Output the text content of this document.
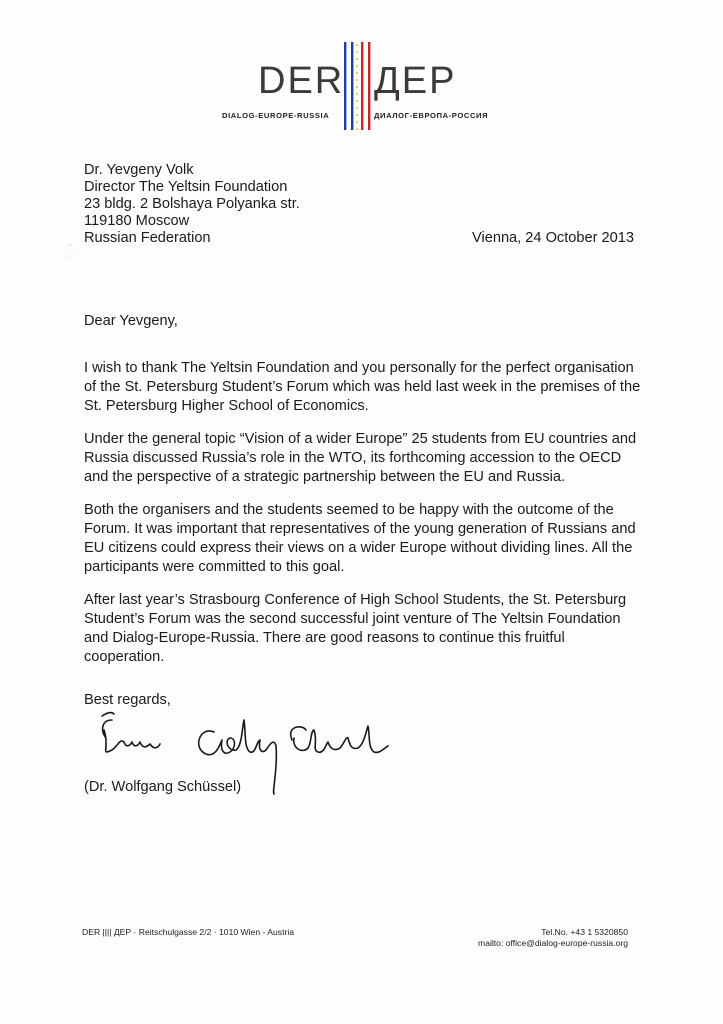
DER ДЕР
DIALOG-EUROPE-RUSSIA	ДИАЛОГ-ЕВРОПА-РОССИЯ
Dr. Yevgeny Volk
Director The Yeltsin Foundation
23 bldg. 2 Bolshaya Polyanka str.
119180 Moscow
Russian Federation	Vienna, 24 October 2013
Dear Yevgeny,

I wish to thank The Yeltsin Foundation and you personally for the perfect organisation of the St. Petersburg Student’s Forum which was held last week in the premises of the St. Petersburg Higher School of Economics.

Under the general topic “Vision of a wider Europe” 25 students from EU countries and Russia discussed Russia’s role in the WTO, its forthcoming accession to the OECD and the perspective of a strategic partnership between the EU and Russia.

Both the organisers and the students seemed to be happy with the outcome of the Forum. It was important that representatives of the young generation of Russians and EU citizens could express their views on a wider Europe without dividing lines. All the participants were committed to this goal.

After last year’s Strasbourg Conference of High School Students, the St. Petersburg Student’s Forum was the second successful joint venture of The Yeltsin Foundation and Dialog-Europe-Russia. There are good reasons to continue this fruitful cooperation.

Best regards,
(Dr. Wolfgang Schüssel)
DER |||| ДЕР · Reitschulgasse 2/2 · 1010 Wien - Austria	Tel.No. +43 1 5320850
mailto: office@dialog-europe-russia.org
